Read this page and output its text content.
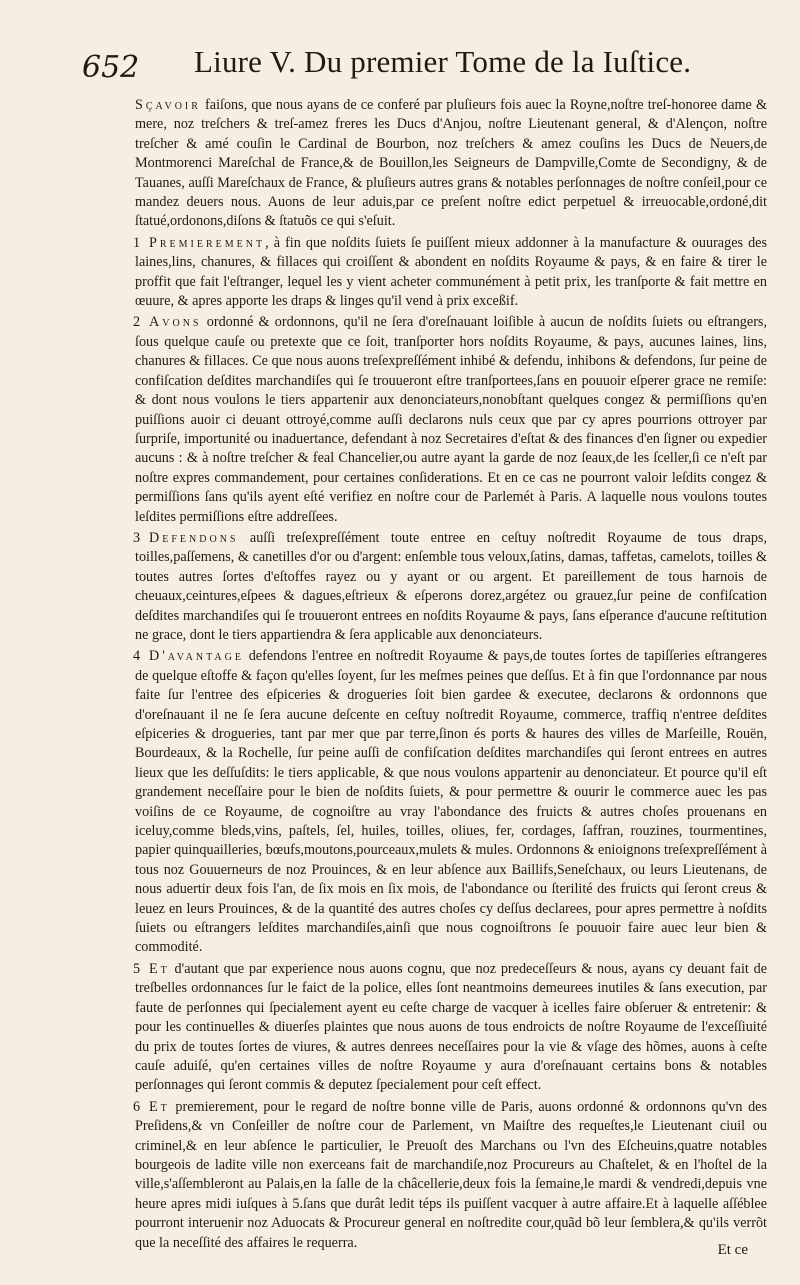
652 Liure V. Du premier Tome de la Iuſtice.

Sçavoir faiſons, que nous ayans de ce conferé par pluſieurs fois auec la Royne,noſtre treſ-honoree dame & mere, noz treſchers & treſ-amez freres les Ducs d'Anjou, noſtre Lieutenant general, & d'Alençon, noſtre treſcher & amé couſin le Cardinal de Bourbon, noz treſchers & amez couſins les Ducs de Neuers,de Montmorenci Mareſchal de France,& de Bouillon,les Seigneurs de Dampville,Comte de Secondigny, & de Tauanes, auſſi Mareſchaux de France, & pluſieurs autres grans & notables perſonnages de noſtre conſeil,pour ce mandez deuers nous. Auons de leur aduis,par ce preſent noſtre edict perpetuel & irreuocable,ordoné,dit ſtatué,ordonons,diſons & ſtatuõs ce qui s'eſuit.

1 Premierement, à fin que noſdits ſuiets ſe puiſſent mieux addonner à la manufacture & ouurages des laines,lins, chanures, & fillaces qui croiſſent & abondent en noſdits Royaume & pays, & en faire & tirer le proffit que fait l'eſtranger, lequel les y vient acheter communément à petit prix, les tranſporte & fait mettre en œuure, & apres apporte les draps & linges qu'il vend à prix exceßif.

2 Avons ordonné & ordonnons, qu'il ne ſera d'oreſnauant loiſible à aucun de noſdits ſuiets ou eſtrangers, ſous quelque cauſe ou pretexte que ce ſoit, tranſporter hors noſdits Royaume, & pays, aucunes laines, lins, chanures & fillaces. Ce que nous auons treſexpreſſément inhibé & defendu, inhibons & defendons, ſur peine de confiſcation deſdites marchandiſes qui ſe trouueront eſtre tranſportees,ſans en pouuoir eſperer grace ne remiſe: & dont nous voulons le tiers appartenir aux denonciateurs,nonobſtant quelques congez & permiſſions qu'en puiſſions auoir ci deuant ottroyé,comme auſſi declarons nuls ceux que par cy apres pourrions ottroyer par ſurpriſe, importunité ou inaduertance, defendant à noz Secretaires d'eſtat & des finances d'en ſigner ou expedier aucuns : & à noſtre treſcher & feal Chancelier,ou autre ayant la garde de noz ſeaux,de les ſceller,ſi ce n'eſt par noſtre expres commandement, pour certaines conſiderations. Et en ce cas ne pourront valoir leſdits congez & permiſſions ſans qu'ils ayent eſté verifiez en noſtre cour de Parlemét à Paris. A laquelle nous voulons toutes leſdites permiſſions eſtre addreſſees.

3 Defendons auſſi treſexpreſſément toute entree en ceſtuy noſtredit Royaume de tous draps, toilles,paſſemens, & canetilles d'or ou d'argent: enſemble tous veloux,ſatins, damas, taffetas, camelots, toilles & toutes autres ſortes d'eſtoffes rayez ou y ayant or ou argent. Et pareillement de tous harnois de cheuaux,ceintures,eſpees & dagues,eſtrieux & eſperons dorez,argétez ou grauez,ſur peine de confiſcation deſdites marchandiſes qui ſe trouueront entrees en noſdits Royaume & pays, ſans eſperance d'aucune reſtitution ne grace, dont le tiers appartiendra & ſera applicable aux denonciateurs.

4 D'avantage defendons l'entree en noſtredit Royaume & pays,de toutes ſortes de tapiſſeries eſtrangeres de quelque eſtoffe & façon qu'elles ſoyent, ſur les meſmes peines que deſſus. Et à fin que l'ordonnance par nous faite ſur l'entree des eſpiceries & drogueries ſoit bien gardee & executee, declarons & ordonnons que d'oreſnauant il ne ſe ſera aucune deſcente en ceſtuy noſtredit Royaume, commerce, traffiq n'entree deſdites eſpiceries & drogueries, tant par mer que par terre,ſinon és ports & haures des villes de Marſeille, Rouën, Bourdeaux, & la Rochelle, ſur peine auſſi de confiſcation deſdites marchandiſes qui ſeront entrees en autres lieux que les deſſuſdits: le tiers applicable, & que nous voulons appartenir au denonciateur. Et pource qu'il eſt grandement neceſſaire pour le bien de noſdits ſuiets, & pour permettre & ouurir le commerce auec les pas voiſins de ce Royaume, de cognoiſtre au vray l'abondance des fruicts & autres choſes prouenans en iceluy,comme bleds,vins, paſtels, ſel, huiles, toilles, oliues, fer, cordages, ſaffran, rouzines, tourmentines, papier quinquailleries, bœufs,moutons,pourceaux,mulets & mules. Ordonnons & enioignons treſexpreſſément à tous noz Gouuerneurs de noz Prouinces, & en leur abſence aux Baillifs,Seneſchaux, ou leurs Lieutenans, de nous aduertir deux fois l'an, de ſix mois en ſix mois, de l'abondance ou ſterilité des fruicts qui ſeront creus & leuez en leurs Prouinces, & de la quantité des autres choſes cy deſſus declarees, pour apres permettre à noſdits ſuiets ou eſtrangers leſdites marchandiſes,ainſi que nous cognoiſtrons ſe pouuoir faire auec leur bien & commodité.

5 Et d'autant que par experience nous auons cognu, que noz predeceſſeurs & nous, ayans cy deuant fait de treſbelles ordonnances ſur le faict de la police, elles ſont neantmoins demeurees inutiles & ſans execution, par faute de perſonnes qui ſpecialement ayent eu ceſte charge de vacquer à icelles faire obſeruer & entretenir: & pour les continuelles & diuerſes plaintes que nous auons de tous endroicts de noſtre Royaume de l'exceſſiuité du prix de toutes ſortes de viures, & autres denrees neceſſaires pour la vie & vſage des hõmes, auons à ceſte cauſe aduiſé, qu'en certaines villes de noſtre Royaume y aura d'oreſnauant certains bons & notables perſonnages qui ſeront commis & deputez ſpecialement pour ceſt effect.

6 Et premierement, pour le regard de noſtre bonne ville de Paris, auons ordonné & ordonnons qu'vn des Preſidens,& vn Conſeiller de noſtre cour de Parlement, vn Maiſtre des requeſtes,le Lieutenant ciuil ou criminel,& en leur abſence le particulier, le Preuoſt des Marchans ou l'vn des Eſcheuins,quatre notables bourgeois de ladite ville non exerceans fait de marchandiſe,noz Procureurs au Chaſtelet, & en l'hoſtel de la ville,s'aſſembleront au Palais,en la ſalle de la châcellerie,deux fois la ſemaine,le mardi & vendredi,depuis vne heure apres midi iuſques à 5.ſans que durât ledit téps ils puiſſent vacquer à autre affaire.Et à laquelle aſſéblee pourront interuenir noz Aduocats & Procureur general en noſtredite cour,quãd bõ leur ſemblera,& qu'ils verrõt que la neceſſité des affaires le requerra.	Et ce
